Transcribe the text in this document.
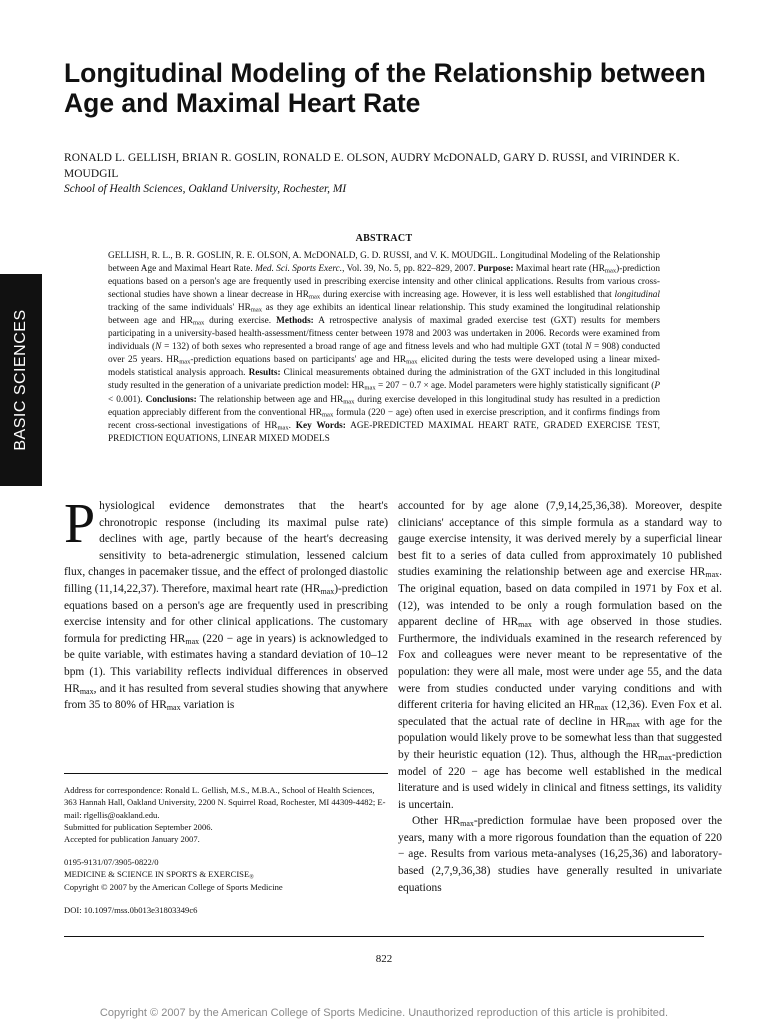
BASIC SCIENCES
Longitudinal Modeling of the Relationship between Age and Maximal Heart Rate
RONALD L. GELLISH, BRIAN R. GOSLIN, RONALD E. OLSON, AUDRY McDONALD, GARY D. RUSSI, and VIRINDER K. MOUDGIL
School of Health Sciences, Oakland University, Rochester, MI
ABSTRACT
GELLISH, R. L., B. R. GOSLIN, R. E. OLSON, A. McDONALD, G. D. RUSSI, and V. K. MOUDGIL. Longitudinal Modeling of the Relationship between Age and Maximal Heart Rate. Med. Sci. Sports Exerc., Vol. 39, No. 5, pp. 822–829, 2007. Purpose: Maximal heart rate $(HR_{max})$-prediction equations based on a person's age are frequently used in prescribing exercise intensity and other clinical applications. Results from various cross-sectional studies have shown a linear decrease in $HR_{max}$ during exercise with increasing age. However, it is less well established that longitudinal tracking of the same individuals' $HR_{max}$ as they age exhibits an identical linear relationship. This study examined the longitudinal relationship between age and $HR_{max}$ during exercise. Methods: A retrospective analysis of maximal graded exercise test (GXT) results for members participating in a university-based health-assessment/fitness center between 1978 and 2003 was undertaken in 2006. Records were examined from individuals (N = 132) of both sexes who represented a broad range of age and fitness levels and who had multiple GXT (total N = 908) conducted over 25 years. $HR_{max}$-prediction equations based on participants' age and $HR_{max}$ elicited during the tests were developed using a linear mixed-models statistical analysis approach. Results: Clinical measurements obtained during the administration of the GXT included in this longitudinal study resulted in the generation of a univariate prediction model: $HR_{max} = 207 - 0.7$ × age. Model parameters were highly statistically significant (P < 0.001). Conclusions: The relationship between age and $HR_{max}$ during exercise developed in this longitudinal study has resulted in a prediction equation appreciably different from the conventional $HR_{max}$ formula (220 − age) often used in exercise prescription, and it confirms findings from recent cross-sectional investigations of $HR_{max}$. Key Words: AGE-PREDICTED MAXIMAL HEART RATE, GRADED EXERCISE TEST, PREDICTION EQUATIONS, LINEAR MIXED MODELS

Physiological evidence demonstrates that the heart's chronotropic response (including its maximal pulse rate) declines with age, partly because of the heart's decreasing sensitivity to beta-adrenergic stimulation, lessened calcium flux, changes in pacemaker tissue, and the effect of prolonged diastolic filling (11,14,22,37). Therefore, maximal heart rate $(HR_{max})$-prediction equations based on a person's age are frequently used in prescribing exercise intensity and for other clinical applications. The customary formula for predicting $HR_{max}$ (220 − age in years) is acknowledged to be quite variable, with estimates having a standard deviation of 10–12 bpm (1). This variability reflects individual differences in observed $HR_{max}$, and it has resulted from several studies showing that anywhere from 35 to 80% of $HR_{max}$ variation is

accounted for by age alone (7,9,14,25,36,38). Moreover, despite clinicians' acceptance of this simple formula as a standard way to gauge exercise intensity, it was derived merely by a superficial linear best fit to a series of data culled from approximately 10 published studies examining the relationship between age and exercise $HR_{max}$. The original equation, based on data compiled in 1971 by Fox et al. (12), was intended to be only a rough formulation based on the apparent decline of $HR_{max}$ with age observed in those studies. Furthermore, the individuals examined in the research referenced by Fox and colleagues were never meant to be representative of the population: they were all male, most were under age 55, and the data were from studies conducted under varying conditions and with different criteria for having elicited an $HR_{max}$ (12,36). Even Fox et al. speculated that the actual rate of decline in $HR_{max}$ with age for the population would likely prove to be somewhat less than that suggested by their heuristic equation (12). Thus, although the $HR_{max}$-prediction model of 220 − age has become well established in the medical literature and is used widely in clinical and fitness settings, its validity is uncertain.

Other $HR_{max}$-prediction formulae have been proposed over the years, many with a more rigorous foundation than the equation of 220 − age. Results from various meta-analyses (16,25,36) and laboratory-based (2,7,9,36,38) studies have generally resulted in univariate equations

Address for correspondence: Ronald L. Gellish, M.S., M.B.A., School of Health Sciences, 363 Hannah Hall, Oakland University, 2200 N. Squirrel Road, Rochester, MI 44309-4482; E-mail: rlgellis@oakland.edu.
Submitted for publication September 2006.
Accepted for publication January 2007.
0195-9131/07/3905-0822/0
MEDICINE & SCIENCE IN SPORTS & $EXERCISE_®$
Copyright © 2007 by the American College of Sports Medicine
DOI: 10.1097/mss.0b013e31803349c6
822
Copyright © 2007 by the American College of Sports Medicine. Unauthorized reproduction of this article is prohibited.
